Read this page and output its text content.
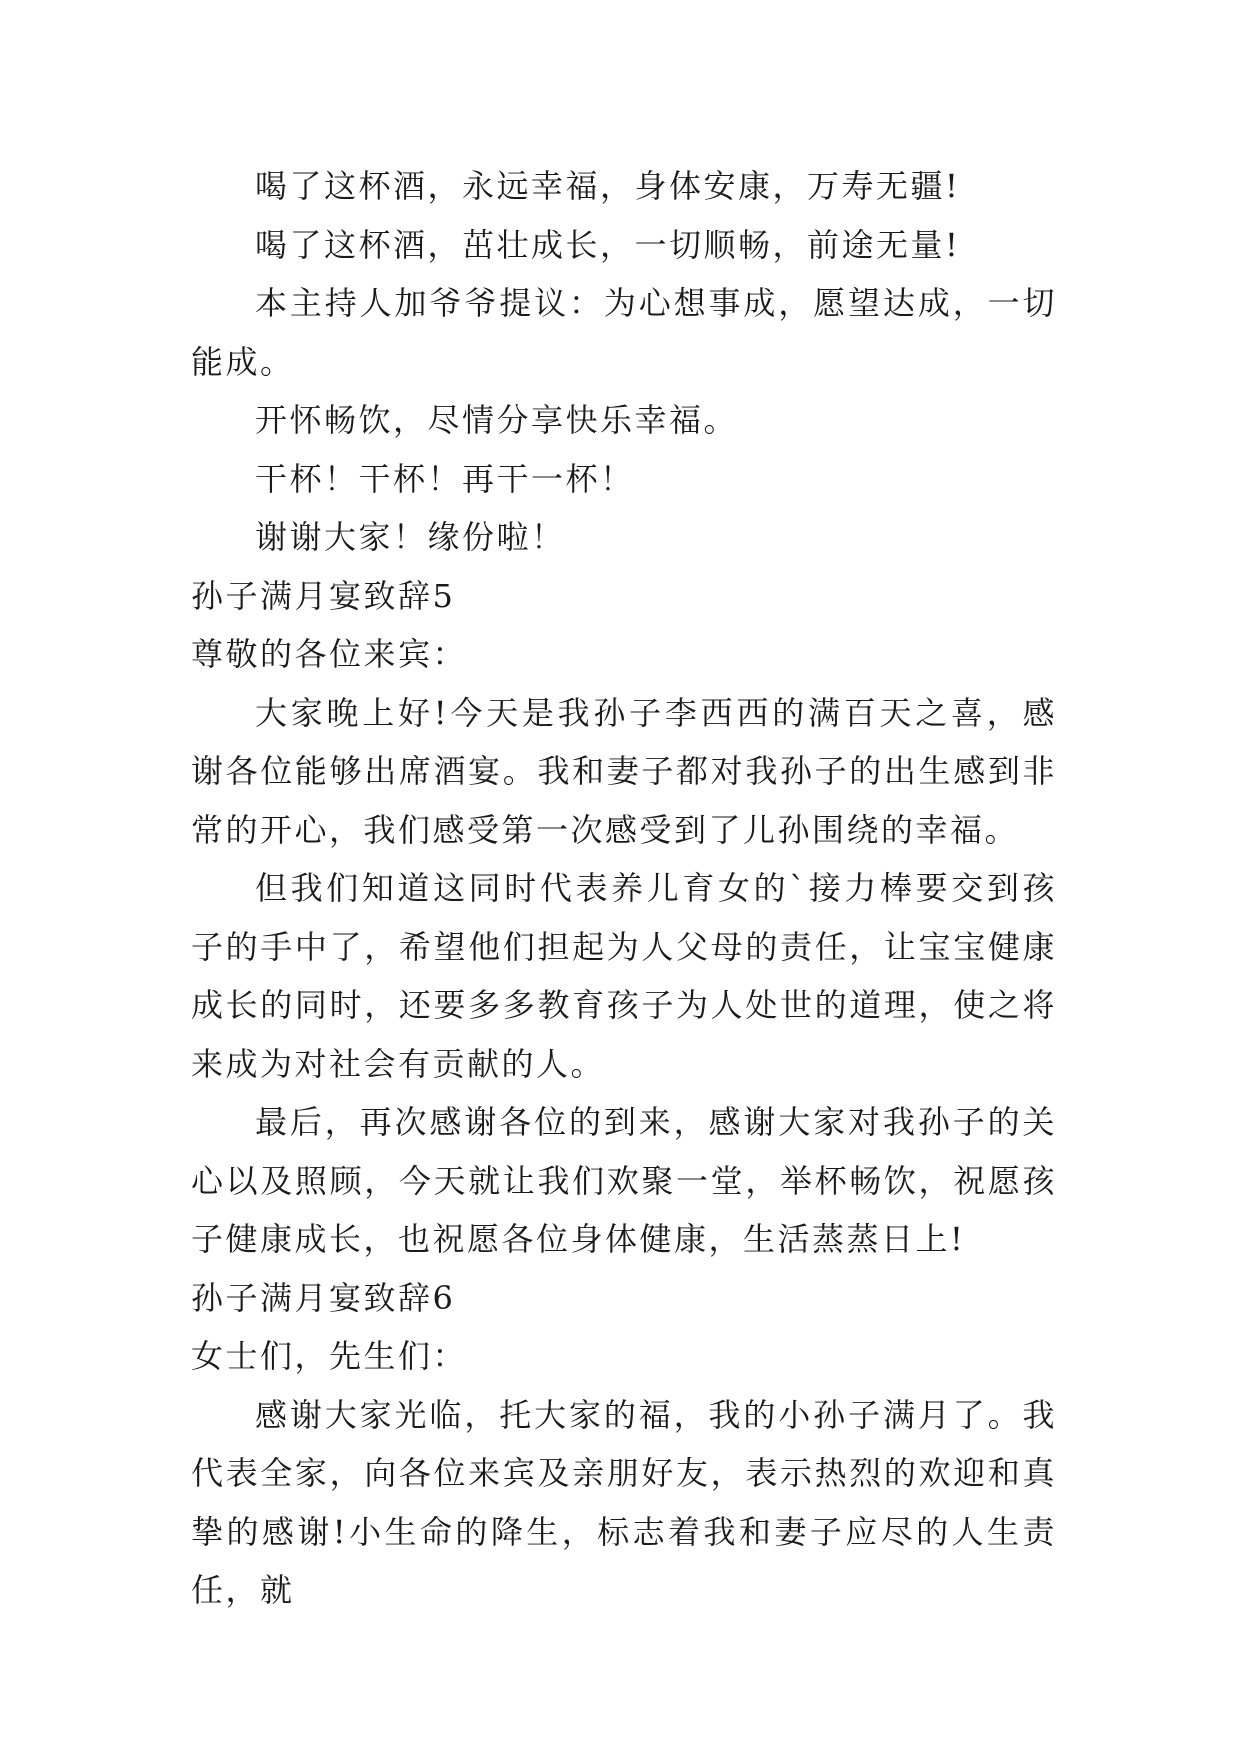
喝了这杯酒，永远幸福，身体安康，万寿无疆!

喝了这杯酒，茁壮成长，一切顺畅，前途无量!

本主持人加爷爷提议：为心想事成，愿望达成，一切能成。

开怀畅饮，尽情分享快乐幸福。

干杯！干杯！再干一杯！

谢谢大家！缘份啦！

孙子满月宴致辞5

尊敬的各位来宾：

大家晚上好!今天是我孙子李西西的满百天之喜，感谢各位能够出席酒宴。我和妻子都对我孙子的出生感到非常的开心，我们感受第一次感受到了儿孙围绕的幸福。

但我们知道这同时代表养儿育女的`接力棒要交到孩子的手中了，希望他们担起为人父母的责任，让宝宝健康成长的同时，还要多多教育孩子为人处世的道理，使之将来成为对社会有贡献的人。

最后，再次感谢各位的到来，感谢大家对我孙子的关心以及照顾，今天就让我们欢聚一堂，举杯畅饮，祝愿孩子健康成长，也祝愿各位身体健康，生活蒸蒸日上!

孙子满月宴致辞6

女士们，先生们：

感谢大家光临，托大家的福，我的小孙子满月了。我代表全家，向各位来宾及亲朋好友，表示热烈的欢迎和真挚的感谢!小生命的降生，标志着我和妻子应尽的人生责任，就
